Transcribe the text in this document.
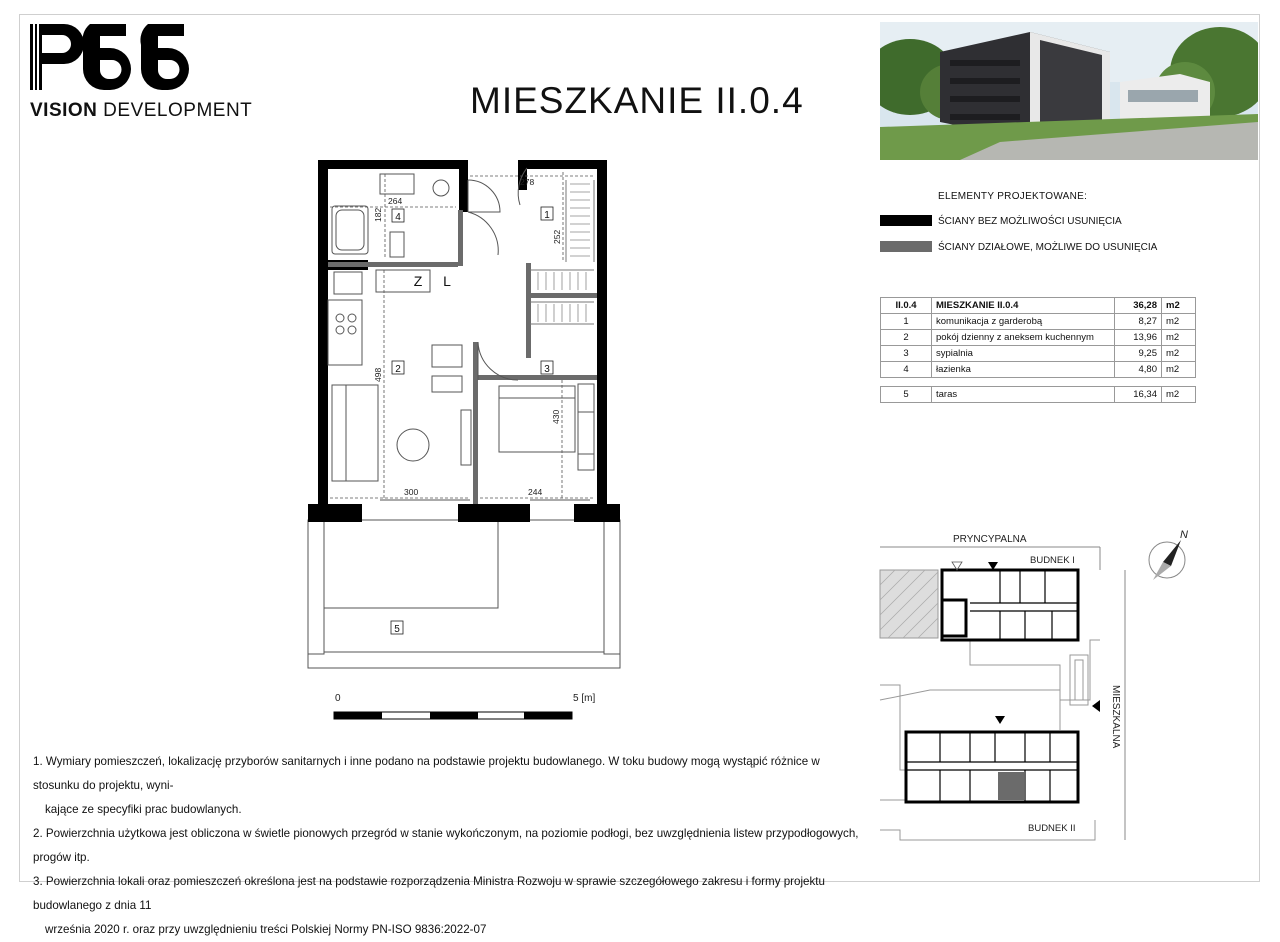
VISION DEVELOPMENT	MIESZKANIE II.0.4
ELEMENTY PROJEKTOWANE:
ŚCIANY BEZ MOŻLIWOŚCI USUNIĘCIA
ŚCIANY DZIAŁOWE, MOŻLIWE DO USUNIĘCIA
II.0.4	MIESZKANIE II.0.4	36,28	m2
1	komunikacja z garderobą	8,27	m2
2	pokój dzienny z aneksem kuchennym	13,96	m2
3	sypialnia	9,25	m2
4	łazienka	4,80	m2

5	taras	16,34	m2
278
264
182
252
498
430
300	244
1
3
2
4
5
Z L
0	5 [m]
PRYNCYPALNA
MIESZKALNA
BUDNEK I
BUDNEK II
N

1. Wymiary pomieszczeń, lokalizację przyborów sanitarnych i inne podano na podstawie projektu budowlanego. W toku budowy mogą wystąpić różnice w stosunku do projektu, wyni-

kające ze specyfiki prac budowlanych.

2. Powierzchnia użytkowa jest obliczona w świetle pionowych przegród w stanie wykończonym, na poziomie podłogi, bez uwzględnienia listew przypodłogowych, progów itp.

3. Powierzchnia lokali oraz pomieszczeń określona jest na podstawie rozporządzenia Ministra Rozwoju w sprawie szczegółowego zakresu i formy projektu budowlanego z dnia 11

września 2020 r. oraz przy uwzględnieniu treści Polskiej Normy PN-ISO 9836:2022-07
